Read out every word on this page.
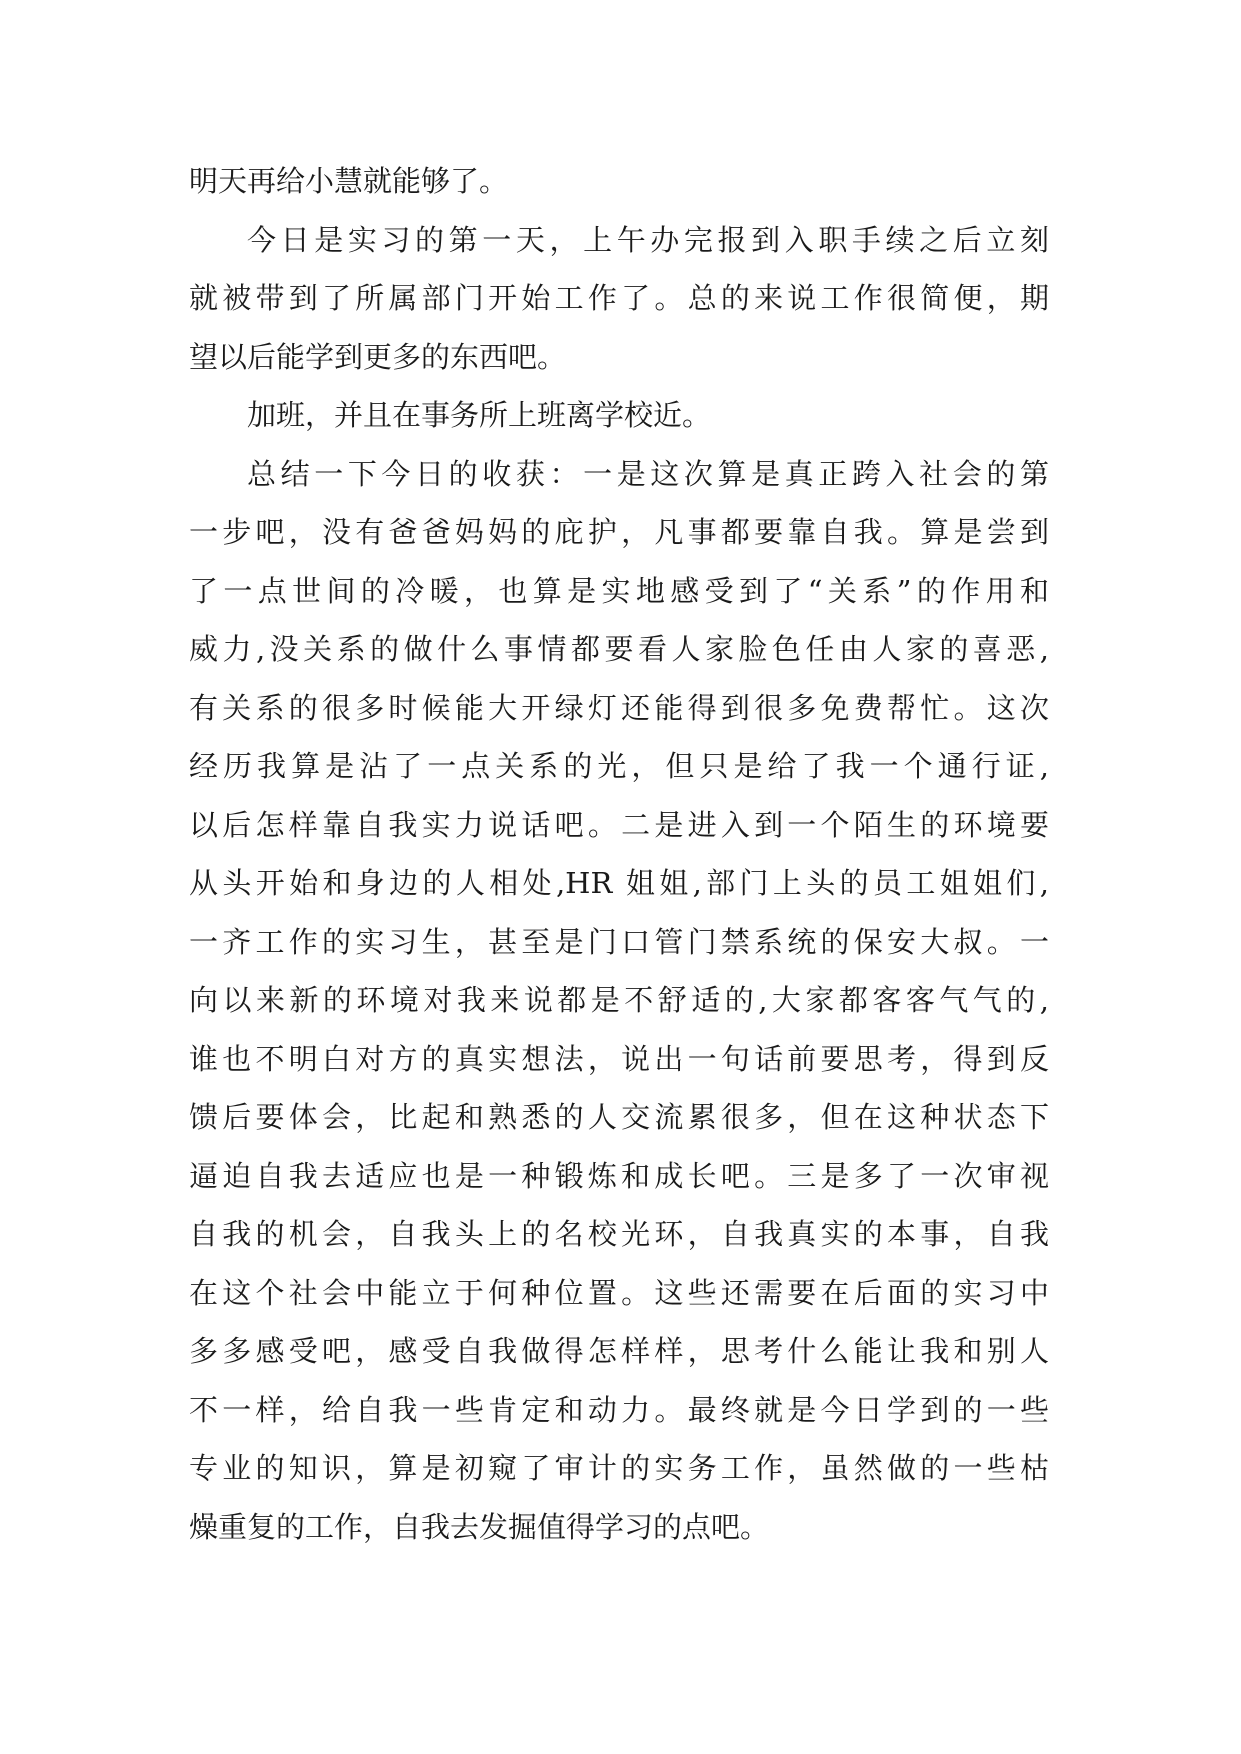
明天再给小慧就能够了。
今日是实习的第一天，上午办完报到入职手续之后立刻
就被带到了所属部门开始工作了。总的来说工作很简便，期
望以后能学到更多的东西吧。
加班，并且在事务所上班离学校近。
总结一下今日的收获：一是这次算是真正跨入社会的第
一步吧，没有爸爸妈妈的庇护，凡事都要靠自我。算是尝到
了一点世间的冷暖，也算是实地感受到了“关系”的作用和
威力,没关系的做什么事情都要看人家脸色任由人家的喜恶,
有关系的很多时候能大开绿灯还能得到很多免费帮忙。这次
经历我算是沾了一点关系的光，但只是给了我一个通行证,
以后怎样靠自我实力说话吧。二是进入到一个陌生的环境要
从头开始和身边的人相处,HR 姐姐,部门上头的员工姐姐们,
一齐工作的实习生，甚至是门口管门禁系统的保安大叔。一
向以来新的环境对我来说都是不舒适的,大家都客客气气的,
谁也不明白对方的真实想法，说出一句话前要思考，得到反
馈后要体会，比起和熟悉的人交流累很多，但在这种状态下
逼迫自我去适应也是一种锻炼和成长吧。三是多了一次审视
自我的机会，自我头上的名校光环，自我真实的本事，自我
在这个社会中能立于何种位置。这些还需要在后面的实习中
多多感受吧，感受自我做得怎样样，思考什么能让我和别人
不一样，给自我一些肯定和动力。最终就是今日学到的一些
专业的知识，算是初窥了审计的实务工作，虽然做的一些枯
燥重复的工作，自我去发掘值得学习的点吧。
